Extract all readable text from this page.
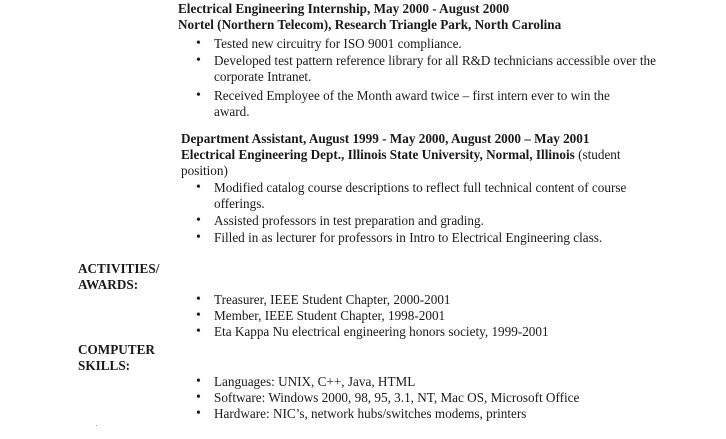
Electrical Engineering Internship, May 2000 - August 2000
Nortel (Northern Telecom), Research Triangle Park, North Carolina
• Tested new circuitry for ISO 9001 compliance.
• Developed test pattern reference library for all R&D technicians accessible over the corporate Intranet.
• Received Employee of the Month award twice – first intern ever to win the award.
Department Assistant, August 1999 - May 2000, August 2000 – May 2001
Electrical Engineering Dept., Illinois State University, Normal, Illinois (student position)
• Modified catalog course descriptions to reflect full technical content of course offerings.
• Assisted professors in test preparation and grading.
• Filled in as lecturer for professors in Intro to Electrical Engineering class.
ACTIVITIES/
AWARDS:
• Treasurer, IEEE Student Chapter, 2000-2001
• Member, IEEE Student Chapter, 1998-2001
• Eta Kappa Nu electrical engineering honors society, 1999-2001
COMPUTER
SKILLS:
• Languages: UNIX, C++, Java, HTML
• Software: Windows 2000, 98, 95, 3.1, NT, Mac OS, Microsoft Office
• Hardware: NIC’s, network hubs/switches modems, printers
